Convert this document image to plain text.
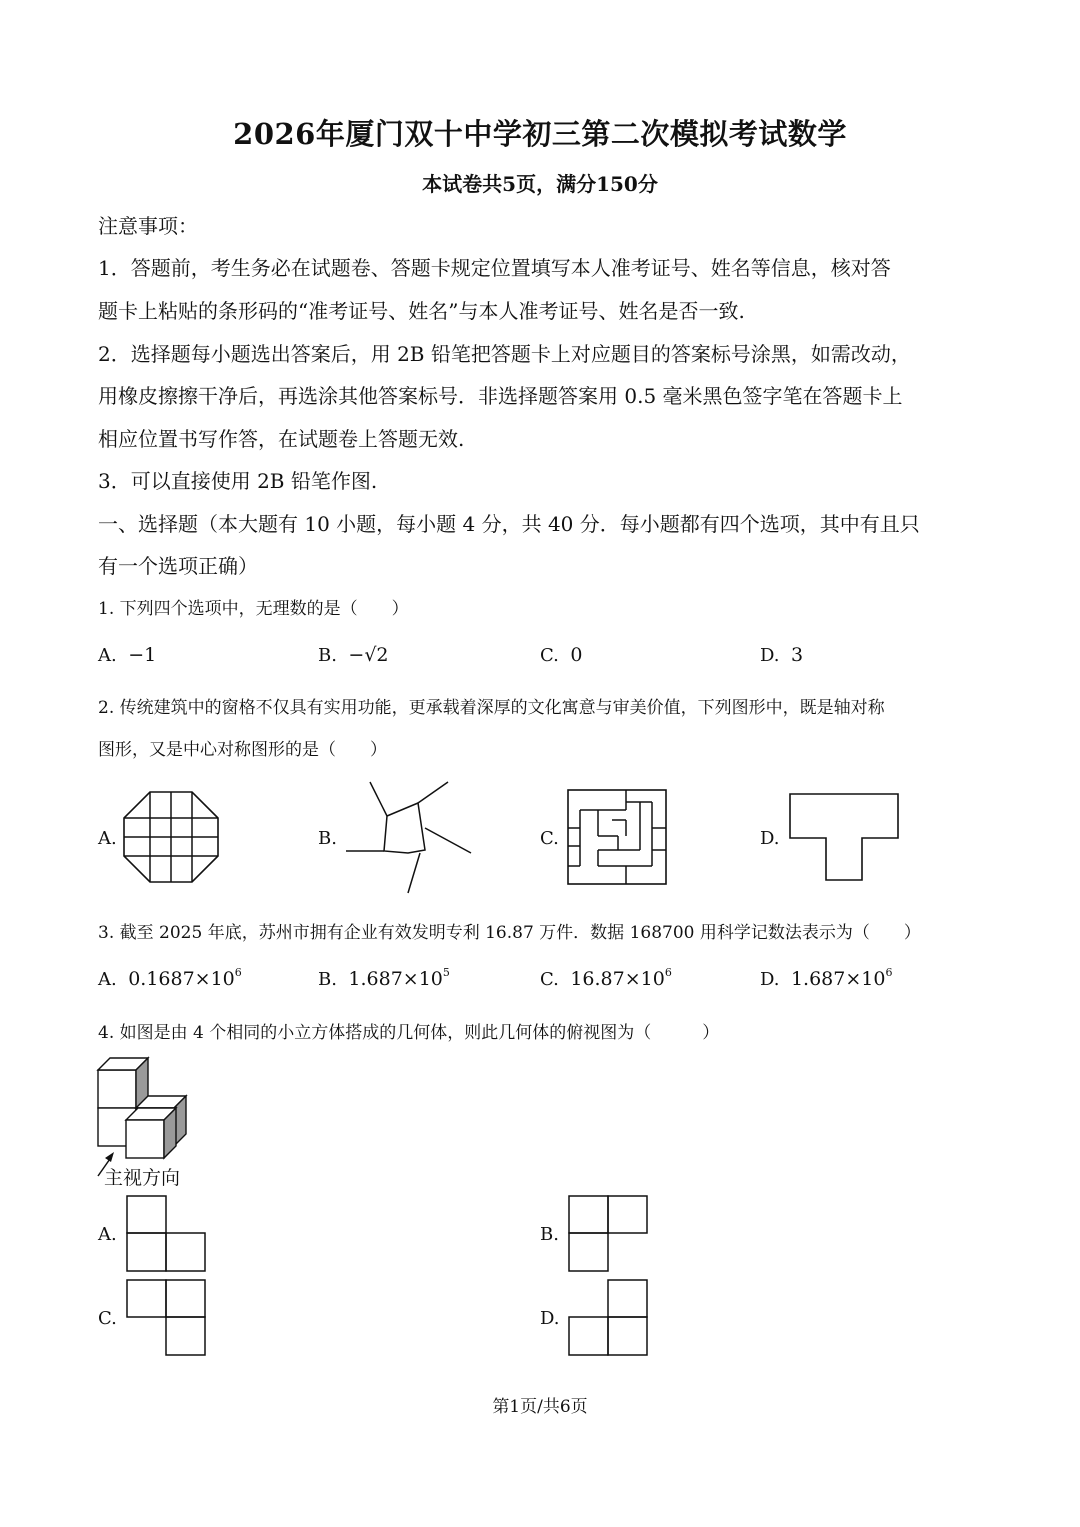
2026年厦门双十中学初三第二次模拟考试数学
本试卷共5页，满分150分
注意事项：
1．答题前，考生务必在试题卷、答题卡规定位置填写本人准考证号、姓名等信息，核对答
题卡上粘贴的条形码的“准考证号、姓名”与本人准考证号、姓名是否一致.
2．选择题每小题选出答案后，用 2B 铅笔把答题卡上对应题目的答案标号涂黑，如需改动，
用橡皮擦擦干净后，再选涂其他答案标号．非选择题答案用 0.5 毫米黑色签字笔在答题卡上
相应位置书写作答，在试题卷上答题无效.
3．可以直接使用 2B 铅笔作图.
一、选择题（本大题有 10 小题，每小题 4 分，共 40 分．每小题都有四个选项，其中有且只
有一个选项正确）
1. 下列四个选项中，无理数的是（　　）
A. −1	B. −√2	C. 0	D. 3
2. 传统建筑中的窗格不仅具有实用功能，更承载着深厚的文化寓意与审美价值，下列图形中，既是轴对称
图形，又是中心对称图形的是（　　）
A.	B.	C.	D.
3. 截至 2025 年底，苏州市拥有企业有效发明专利 16.87 万件．数据 168700 用科学记数法表示为（　　）
A. $0.1687\times 10^6$	B. $1.687\times 10^5$	C. $16.87\times 10^6$	D. $1.687\times 10^6$
4. 如图是由 4 个相同的小立方体搭成的几何体，则此几何体的俯视图为（　　　）
主视方向
A.	B.
C.	D.
第1页/共6页
